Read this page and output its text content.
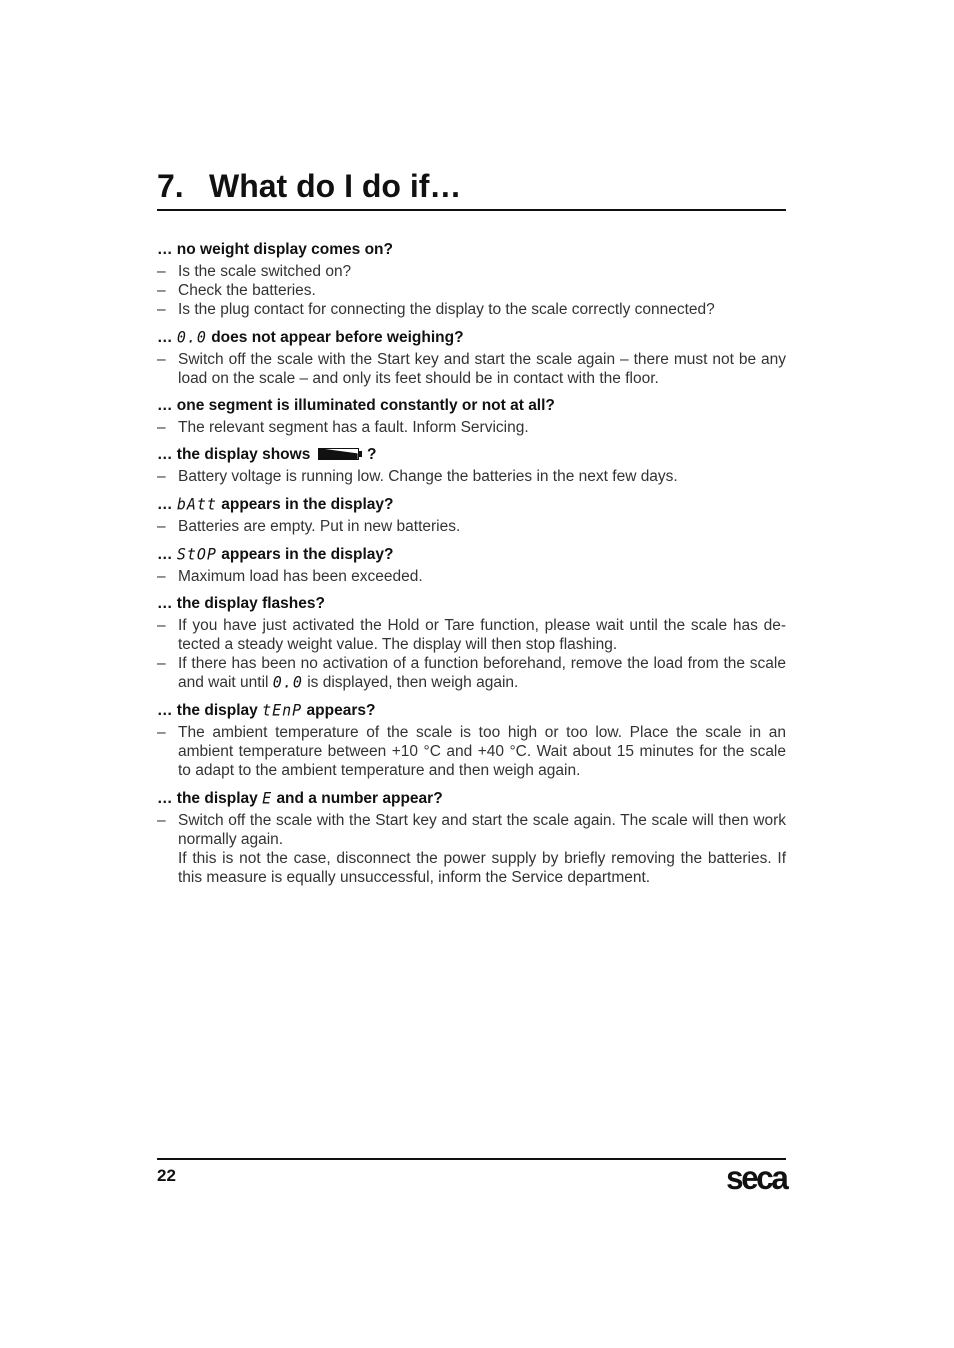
7. What do I do if…

… no weight display comes on?

– Is the scale switched on?
– Check the batteries.
– Is the plug contact for connecting the display to the scale correctly connected?

… 0.0 does not appear before weighing?

– Switch off the scale with the Start key and start the scale again – there must not be any load on the scale – and only its feet should be in contact with the floor.

… one segment is illuminated constantly or not at all?

– The relevant segment has a fault. Inform Servicing.

… the display shows	?

– Battery voltage is running low. Change the batteries in the next few days.

… bAtt appears in the display?

– Batteries are empty. Put in new batteries.

… StOP appears in the display?

– Maximum load has been exceeded.

… the display flashes?

– If you have just activated the Hold or Tare function, please wait until the scale has de-tected a steady weight value. The display will then stop flashing.
– If there has been no activation of a function beforehand, remove the load from the scale and wait until 0.0 is displayed, then weigh again.

… the display tEnP appears?

– The ambient temperature of the scale is too high or too low. Place the scale in an ambient temperature between +10 °C and +40 °C. Wait about 15 minutes for the scale to adapt to the ambient temperature and then weigh again.

… the display E and a number appear?

– Switch off the scale with the Start key and start the scale again. The scale will then work normally again.
If this is not the case, disconnect the power supply by briefly removing the batteries. If this measure is equally unsuccessful, inform the Service department.
22	seca
